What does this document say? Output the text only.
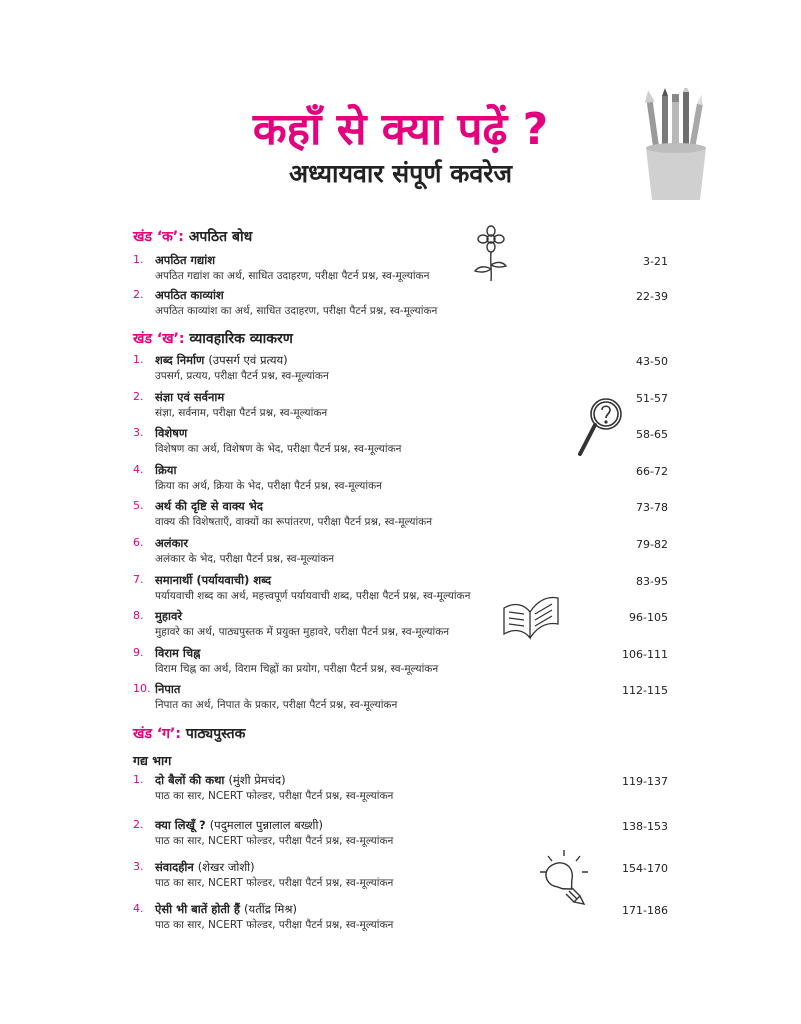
कहाँ से क्या पढ़ें ?
अध्यायवार संपूर्ण कवरेज
खंड ‘क’: अपठित बोध
1.	अपठित गद्यांश
अपठित गद्यांश का अर्थ, साधित उदाहरण, परीक्षा पैटर्न प्रश्न, स्व-मूल्यांकन
3-21
2.	अपठित काव्यांश
अपठित काव्यांश का अर्थ, साधित उदाहरण, परीक्षा पैटर्न प्रश्न, स्व-मूल्यांकन
22-39
खंड ‘ख’: व्यावहारिक व्याकरण
1.	शब्द निर्माण (उपसर्ग एवं प्रत्यय)
उपसर्ग, प्रत्यय, परीक्षा पैटर्न प्रश्न, स्व-मूल्यांकन
43-50
2.	संज्ञा एवं सर्वनाम
संज्ञा, सर्वनाम, परीक्षा पैटर्न प्रश्न, स्व-मूल्यांकन
51-57
3.	विशेषण
विशेषण का अर्थ, विशेषण के भेद, परीक्षा पैटर्न प्रश्न, स्व-मूल्यांकन
58-65
4.	क्रिया
क्रिया का अर्थ, क्रिया के भेद, परीक्षा पैटर्न प्रश्न, स्व-मूल्यांकन
66-72
5.	अर्थ की दृष्टि से वाक्य भेद
वाक्य की विशेषताएँ, वाक्यों का रूपांतरण, परीक्षा पैटर्न प्रश्न, स्व-मूल्यांकन
73-78
6.	अलंकार
अलंकार के भेद, परीक्षा पैटर्न प्रश्न, स्व-मूल्यांकन
79-82
7.	समानार्थी (पर्यायवाची) शब्द
पर्यायवाची शब्द का अर्थ, महत्त्वपूर्ण पर्यायवाची शब्द, परीक्षा पैटर्न प्रश्न, स्व-मूल्यांकन
83-95
8.	मुहावरे
मुहावरे का अर्थ, पाठ्यपुस्तक में प्रयुक्त मुहावरे, परीक्षा पैटर्न प्रश्न, स्व-मूल्यांकन
96-105
9.	विराम चिह्न
विराम चिह्न का अर्थ, विराम चिह्नों का प्रयोग, परीक्षा पैटर्न प्रश्न, स्व-मूल्यांकन
106-111
10. निपात
निपात का अर्थ, निपात के प्रकार, परीक्षा पैटर्न प्रश्न, स्व-मूल्यांकन
112-115
खंड ‘ग’: पाठ्यपुस्तक
गद्य भाग
1.	दो बैलों की कथा (मुंशी प्रेमचंद)
पाठ का सार, NCERT फोल्डर, परीक्षा पैटर्न प्रश्न, स्व-मूल्यांकन
119-137
2.	क्या लिखूँ ? (पदुमलाल पुन्नालाल बख्शी)
पाठ का सार, NCERT फोल्डर, परीक्षा पैटर्न प्रश्न, स्व-मूल्यांकन
138-153
3.	संवादहीन (शेखर जोशी)
पाठ का सार, NCERT फोल्डर, परीक्षा पैटर्न प्रश्न, स्व-मूल्यांकन
154-170
4.	ऐसी भी बातें होती हैं (यतींद्र मिश्र)
पाठ का सार, NCERT फोल्डर, परीक्षा पैटर्न प्रश्न, स्व-मूल्यांकन
171-186
